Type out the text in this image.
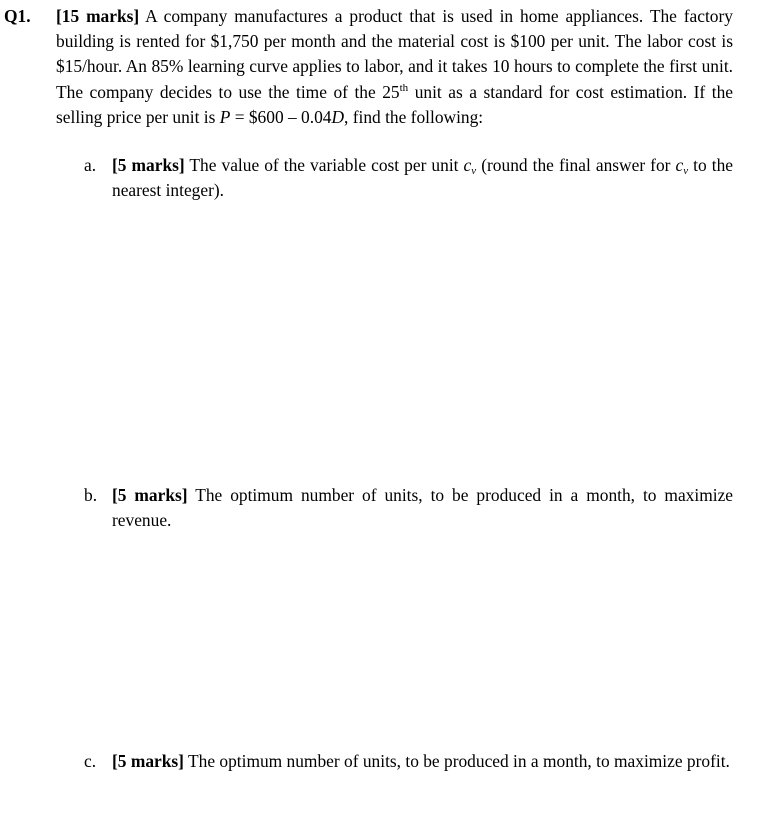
Q1. [15 marks] A company manufactures a product that is used in home appliances. The factory building is rented for $1,750 per month and the material cost is $100 per unit. The labor cost is $15/hour. An 85% learning curve applies to labor, and it takes 10 hours to complete the first unit. The company decides to use the time of the 25th unit as a standard for cost estimation. If the selling price per unit is P = $600 – 0.04D, find the following:
a. [5 marks] The value of the variable cost per unit $c_v$ (round the final answer for $c_v$ to the nearest integer).
b. [5 marks] The optimum number of units, to be produced in a month, to maximize revenue.
c. [5 marks] The optimum number of units, to be produced in a month, to maximize profit.
